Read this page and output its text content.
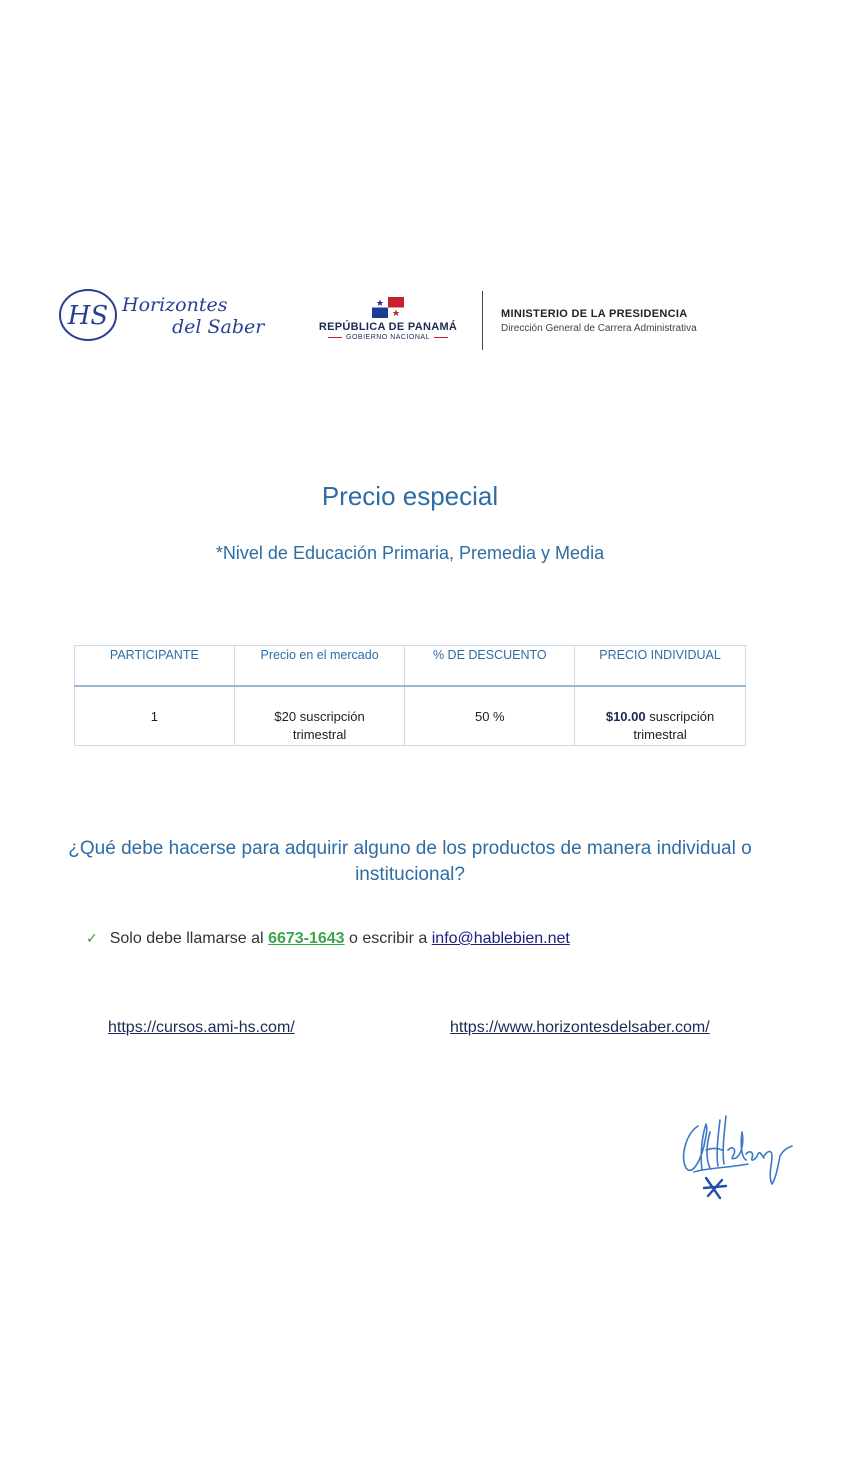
HS Horizontes
del Saber	REPÚBLICA DE PANAMÁ
GOBIERNO NACIONAL
MINISTERIO DE LA PRESIDENCIA
Dirección General de Carrera Administrativa
Precio especial
*Nivel de Educación Primaria, Premedia y Media
PARTICIPANTE	Precio en el mercado	% DE DESCUENTO	PRECIO INDIVIDUAL
1	$20 suscripción trimestral	50 %	$10.00 suscripción trimestral
¿Qué debe hacerse para adquirir alguno de los productos de manera individual o institucional?
✓ Solo debe llamarse al 6673-1643 o escribir a info@hablebien.net
https://cursos.ami-hs.com/	https://www.horizontesdelsaber.com/
